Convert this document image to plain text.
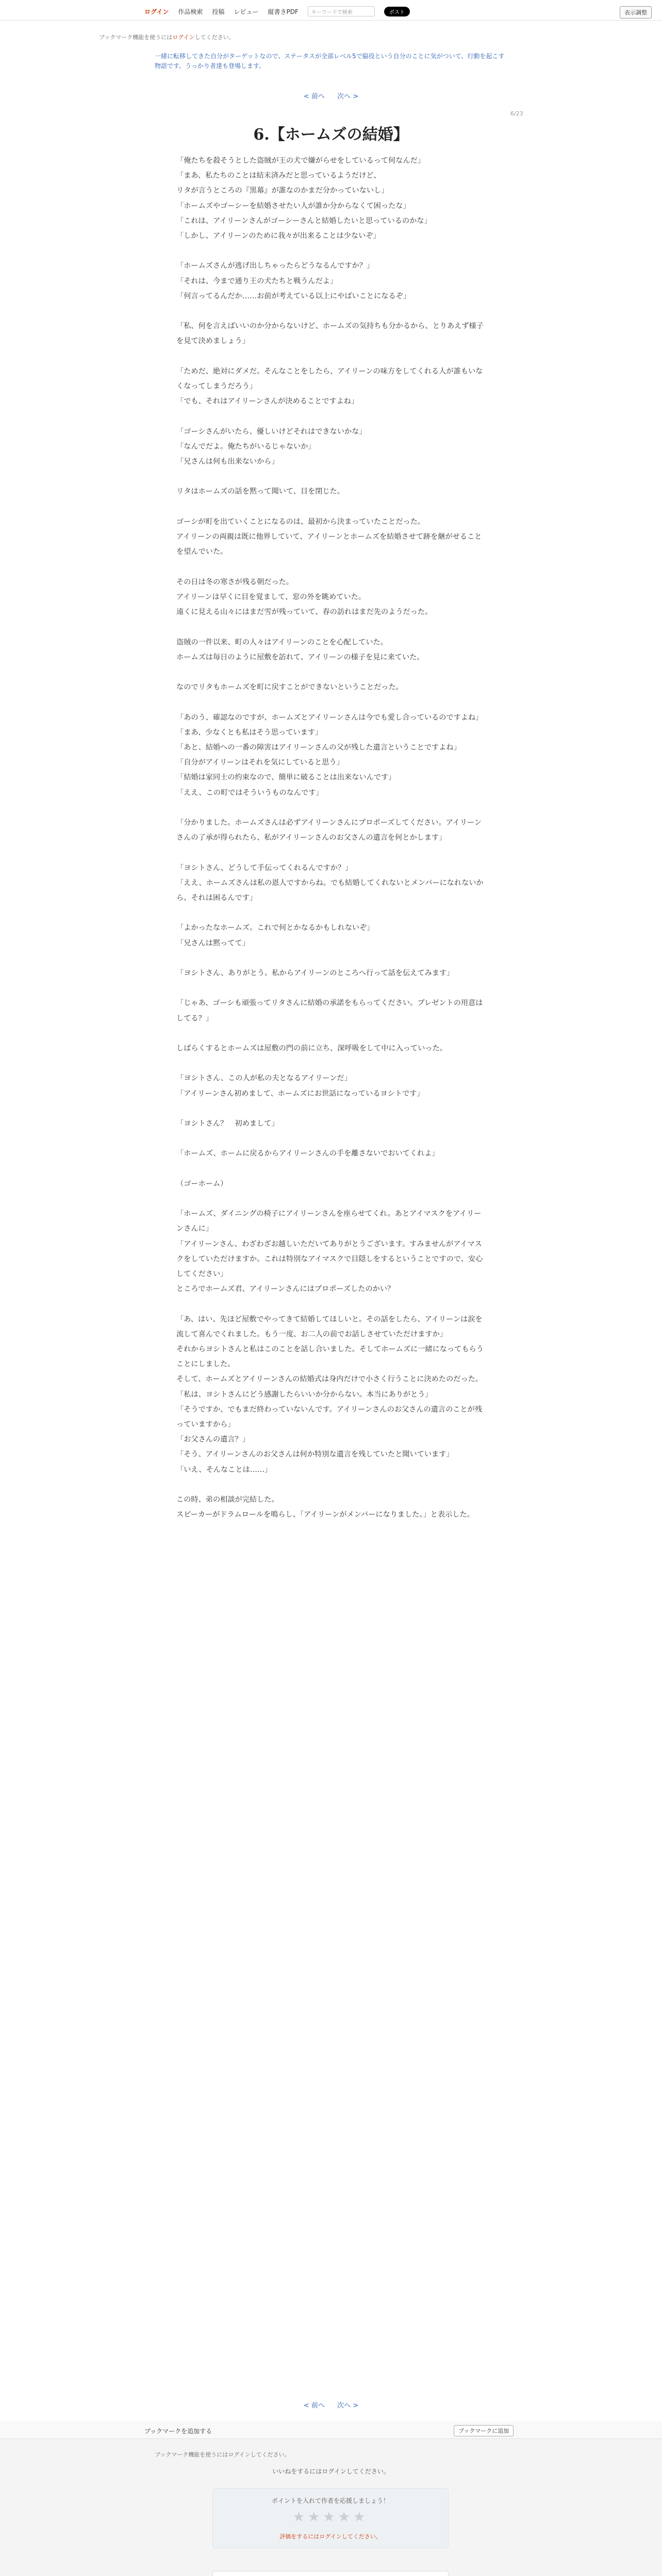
ログイン 作品検索 投稿 レビュー 縦書きPDF	キーワードで検索	ポスト	表示調整
ブックマーク機能を使うにはログインしてください。
一緒に転移してきた自分がターゲットなので、ステータスが全部レベル5で脇役という自分のことに気がついて、行動を起こす物語です。うっかり者達も登場します。
< 前へ 次へ >
6/23
6.【ホームズの結婚】

「俺たちを殺そうとした盗賊が王の犬で嫌がらせをしているって何なんだ」

「まあ、私たちのことは結末済みだと思っているようだけど、

リタが言うところの『黒幕』が誰なのかまだ分かっていないし」

「ホームズやゴーシーを結婚させたい人が誰か分からなくて困ったな」

「これは、アイリーンさんがゴーシーさんと結婚したいと思っているのかな」

「しかし、アイリーンのために我々が出来ることは少ないぞ」

「ホームズさんが逃げ出しちゃったらどうなるんですか？」

「それは、今まで通り王の犬たちと戦うんだよ」

「何言ってるんだか……お前が考えている以上にやばいことになるぞ」

「私、何を言えばいいのか分からないけど、ホームズの気持ちも分かるから、とりあえず様子を見て決めましょう」

「ためだ、絶対にダメだ。そんなことをしたら、アイリーンの味方をしてくれる人が誰もいなくなってしまうだろう」

「でも、それはアイリーンさんが決めることですよね」

「ゴーシさんがいたら、優しいけどそれはできないかな」

「なんでだよ。俺たちがいるじゃないか」

「兄さんは何も出来ないから」

リタはホームズの話を黙って聞いて、目を閉じた。

ゴーシが町を出ていくことになるのは、最初から決まっていたことだった。

アイリーンの両親は既に他界していて、アイリーンとホームズを結婚させて跡を継がせることを望んでいた。

その日は冬の寒さが残る朝だった。

アイリーンは早くに目を覚まして、窓の外を眺めていた。

遠くに見える山々にはまだ雪が残っていて、春の訪れはまだ先のようだった。

盗賊の一件以来、町の人々はアイリーンのことを心配していた。

ホームズは毎日のように屋敷を訪れて、アイリーンの様子を見に来ていた。

なのでリタもホームズを町に戻すことができないということだった。

「あのう、確認なのですが、ホームズとアイリーンさんは今でも愛し合っているのですよね」

「まあ、少なくとも私はそう思っています」

「あと、結婚への一番の障害はアイリーンさんの父が残した遺言ということですよね」

「自分がアイリーンはそれを気にしていると思う」

「結婚は家同士の約束なので、簡単に破ることは出来ないんです」

「ええ、この町ではそういうものなんです」

「分かりました。ホームズさんは必ずアイリーンさんにプロポーズしてください。アイリーンさんの了承が得られたら、私がアイリーンさんのお父さんの遺言を何とかします」

「ヨシトさん、どうして手伝ってくれるんですか？」

「ええ、ホームズさんは私の恩人ですからね。でも結婚してくれないとメンバーになれないから、それは困るんです」

「よかったなホームズ。これで何とかなるかもしれないぞ」

「兄さんは黙ってて」

「ヨシトさん、ありがとう。私からアイリーンのところへ行って話を伝えてみます」

「じゃあ、ゴーシも頑張ってリタさんに結婚の承諾をもらってください。プレゼントの用意はしてる？」

しばらくするとホームズは屋敷の門の前に立ち、深呼吸をして中に入っていった。

「ヨシトさん、この人が私の夫となるアイリーンだ」

「アイリーンさん初めまして、ホームズにお世話になっているヨシトです」

「ヨシトさん？　初めまして」

「ホームズ、ホームに戻るからアイリーンさんの手を離さないでおいてくれよ」

（ゴーホーム）

「ホームズ、ダイニングの椅子にアイリーンさんを座らせてくれ。あとアイマスクをアイリーンさんに」

「アイリーンさん、わざわざお越しいただいてありがとうございます。すみませんがアイマスクをしていただけますか。これは特別なアイマスクで目隠しをするということですので、安心してください」

ところでホームズ君、アイリーンさんにはプロポーズしたのかい？

「あ、はい、先ほど屋敷でやってきて結婚してほしいと。その話をしたら、アイリーンは涙を流して喜んでくれました。もう一度、お二人の前でお話しさせていただけますか」

それからヨシトさんと私はこのことを話し合いました。そしてホームズに一緒になってもらうことにしました。

そして、ホームズとアイリーンさんの結婚式は身内だけで小さく行うことに決めたのだった。

「私は、ヨシトさんにどう感謝したらいいか分からない。本当にありがとう」

「そうですか、でもまだ終わっていないんです。アイリーンさんのお父さんの遺言のことが残っていますから」

「お父さんの遺言？」

「そう、アイリーンさんのお父さんは何か特別な遺言を残していたと聞いています」

「いえ、そんなことは……」

この時、弟の相談が完結した。

スピーカーがドラムロールを鳴らし、「アイリーンがメンバーになりました。」と表示した。

< 前へ 次へ >
ブックマークを追加する	ブックマークに追加
ブックマーク機能を使うにはログインしてください。
いいねをするにはログインしてください。
ポイントを入れて作者を応援しましょう！
★★★★★
評価をするにはログインしてください。
